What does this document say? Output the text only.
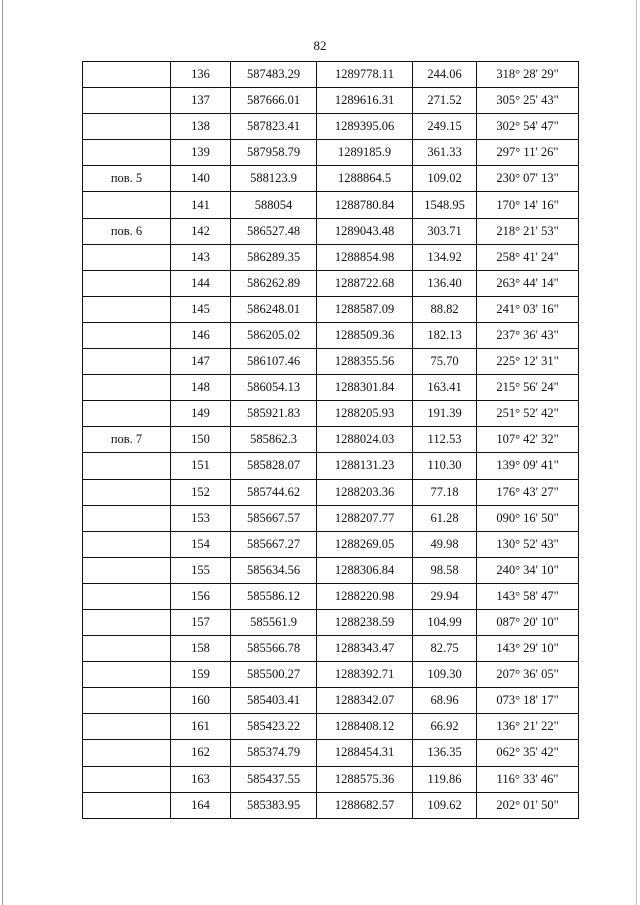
82
	136	587483.29	1289778.11	244.06	318° 28' 29"
	137	587666.01	1289616.31	271.52	305° 25' 43"
	138	587823.41	1289395.06	249.15	302° 54' 47"
	139	587958.79	1289185.9	361.33	297° 11' 26"
пов. 5	140	588123.9	1288864.5	109.02	230° 07' 13"
	141	588054	1288780.84	1548.95	170° 14' 16"
пов. 6	142	586527.48	1289043.48	303.71	218° 21' 53"
	143	586289.35	1288854.98	134.92	258° 41' 24"
	144	586262.89	1288722.68	136.40	263° 44' 14"
	145	586248.01	1288587.09	88.82	241° 03' 16"
	146	586205.02	1288509.36	182.13	237° 36' 43"
	147	586107.46	1288355.56	75.70	225° 12' 31"
	148	586054.13	1288301.84	163.41	215° 56' 24"
	149	585921.83	1288205.93	191.39	251° 52' 42"
пов. 7	150	585862.3	1288024.03	112.53	107° 42' 32"
	151	585828.07	1288131.23	110.30	139° 09' 41"
	152	585744.62	1288203.36	77.18	176° 43' 27"
	153	585667.57	1288207.77	61.28	090° 16' 50"
	154	585667.27	1288269.05	49.98	130° 52' 43"
	155	585634.56	1288306.84	98.58	240° 34' 10"
	156	585586.12	1288220.98	29.94	143° 58' 47"
	157	585561.9	1288238.59	104.99	087° 20' 10"
	158	585566.78	1288343.47	82.75	143° 29' 10"
	159	585500.27	1288392.71	109.30	207° 36' 05"
	160	585403.41	1288342.07	68.96	073° 18' 17"
	161	585423.22	1288408.12	66.92	136° 21' 22"
	162	585374.79	1288454.31	136.35	062° 35' 42"
	163	585437.55	1288575.36	119.86	116° 33' 46"
	164	585383.95	1288682.57	109.62	202° 01' 50"
